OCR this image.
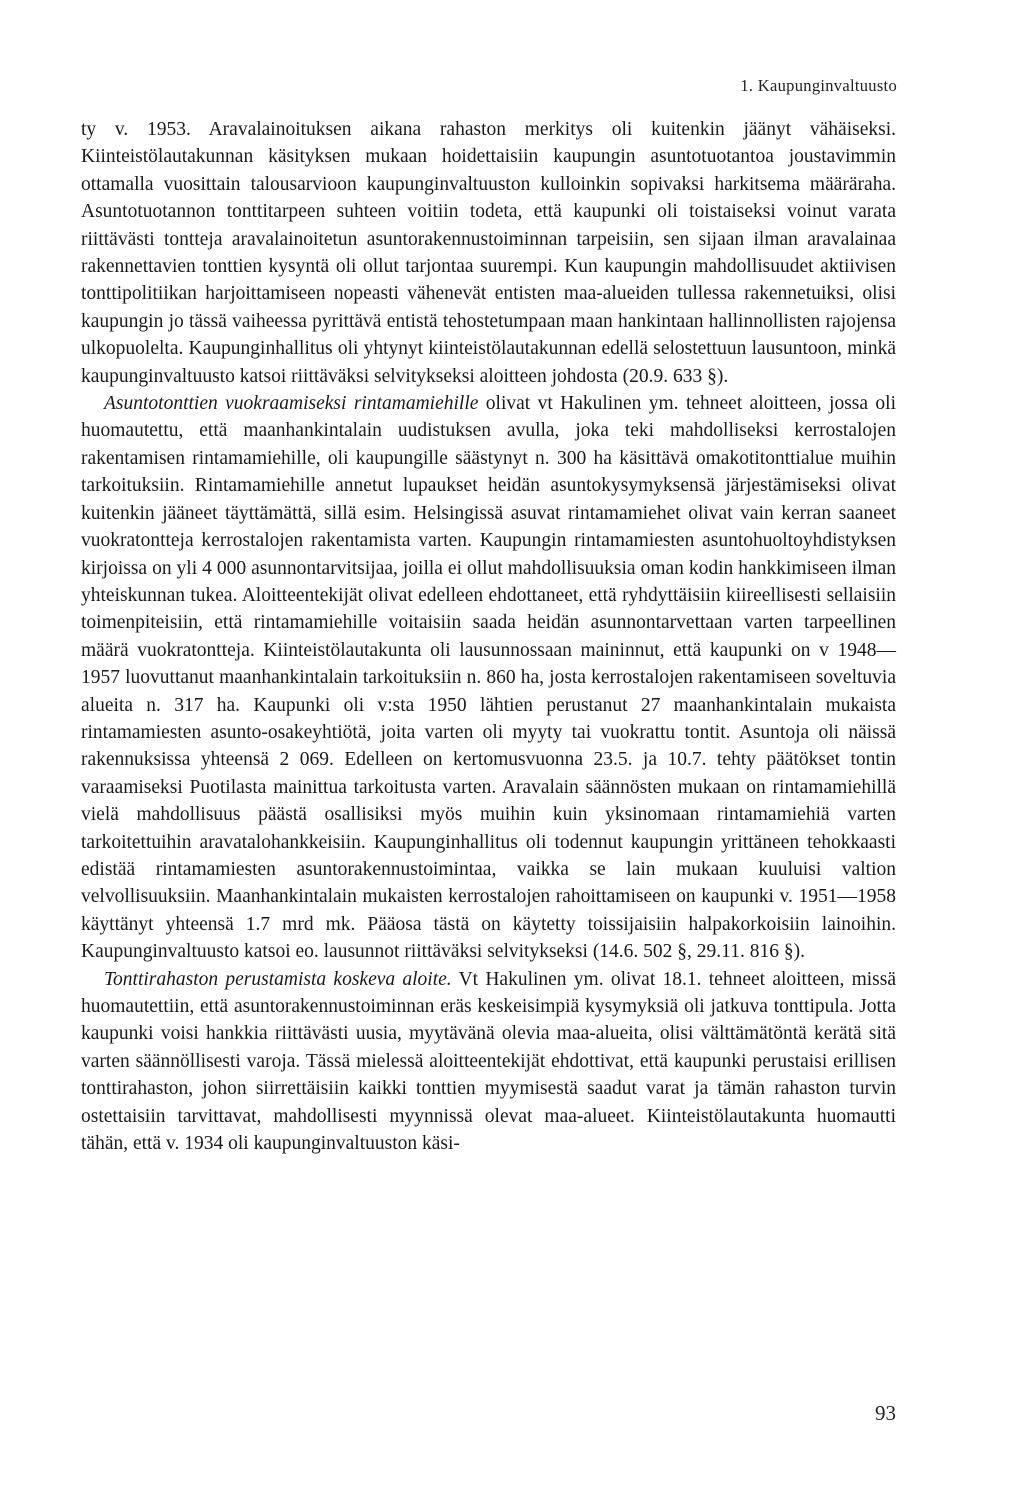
1. Kaupunginvaltuusto

ty v. 1953. Aravalainoituksen aikana rahaston merkitys oli kuitenkin jäänyt vähäiseksi. Kiinteistölautakunnan käsityksen mukaan hoidettaisiin kaupungin asuntotuotantoa joustavimmin ottamalla vuosittain talousarvioon kaupunginvaltuuston kulloinkin sopivaksi harkitsema määräraha. Asuntotuotannon tonttitarpeen suhteen voitiin todeta, että kaupunki oli toistaiseksi voinut varata riittävästi tontteja aravalainoitetun asuntorakennustoiminnan tarpeisiin, sen sijaan ilman aravalainaa rakennettavien tonttien kysyntä oli ollut tarjontaa suurempi. Kun kaupungin mahdollisuudet aktiivisen tonttipolitiikan harjoittamiseen nopeasti vähenevät entisten maa-alueiden tullessa rakennetuiksi, olisi kaupungin jo tässä vaiheessa pyrittävä entistä tehostetumpaan maan hankintaan hallinnollisten rajojensa ulkopuolelta. Kaupunginhallitus oli yhtynyt kiinteistölautakunnan edellä selostettuun lausuntoon, minkä kaupunginvaltuusto katsoi riittäväksi selvitykseksi aloitteen johdosta (20.9. 633 §).

Asuntotonttien vuokraamiseksi rintamamiehille olivat vt Hakulinen ym. tehneet aloitteen, jossa oli huomautettu, että maanhankintalain uudistuksen avulla, joka teki mahdolliseksi kerrostalojen rakentamisen rintamamiehille, oli kaupungille säästynyt n. 300 ha käsittävä omakotitonttialue muihin tarkoituksiin. Rintamamiehille annetut lupaukset heidän asuntokysymyksensä järjestämiseksi olivat kuitenkin jääneet täyttämättä, sillä esim. Helsingissä asuvat rintamamiehet olivat vain kerran saaneet vuokratontteja kerrostalojen rakentamista varten. Kaupungin rintamamiesten asuntohuoltoyhdistyksen kirjoissa on yli 4 000 asunnontarvitsijaa, joilla ei ollut mahdollisuuksia oman kodin hankkimiseen ilman yhteiskunnan tukea. Aloitteentekijät olivat edelleen ehdottaneet, että ryhdyttäisiin kiireellisesti sellaisiin toimenpiteisiin, että rintamamiehille voitaisiin saada heidän asunnontarvettaan varten tarpeellinen määrä vuokratontteja. Kiinteistölautakunta oli lausunnossaan maininnut, että kaupunki on v 1948—1957 luovuttanut maanhankintalain tarkoituksiin n. 860 ha, josta kerrostalojen rakentamiseen soveltuvia alueita n. 317 ha. Kaupunki oli v:sta 1950 lähtien perustanut 27 maanhankintalain mukaista rintamamiesten asunto-osakeyhtiötä, joita varten oli myyty tai vuokrattu tontit. Asuntoja oli näissä rakennuksissa yhteensä 2 069. Edelleen on kertomusvuonna 23.5. ja 10.7. tehty päätökset tontin varaamiseksi Puotilasta mainittua tarkoitusta varten. Aravalain säännösten mukaan on rintamamiehillä vielä mahdollisuus päästä osallisiksi myös muihin kuin yksinomaan rintamamiehiä varten tarkoitettuihin aravatalohankkeisiin. Kaupunginhallitus oli todennut kaupungin yrittäneen tehokkaasti edistää rintamamiesten asuntorakennustoimintaa, vaikka se lain mukaan kuuluisi valtion velvollisuuksiin. Maanhankintalain mukaisten kerrostalojen rahoittamiseen on kaupunki v. 1951—1958 käyttänyt yhteensä 1.7 mrd mk. Pääosa tästä on käytetty toissijaisiin halpakorkoisiin lainoihin. Kaupunginvaltuusto katsoi eo. lausunnot riittäväksi selvitykseksi (14.6. 502 §, 29.11. 816 §).

Tonttirahaston perustamista koskeva aloite. Vt Hakulinen ym. olivat 18.1. tehneet aloitteen, missä huomautettiin, että asuntorakennustoiminnan eräs keskeisimpiä kysymyksiä oli jatkuva tonttipula. Jotta kaupunki voisi hankkia riittävästi uusia, myytävänä olevia maa-alueita, olisi välttämätöntä kerätä sitä varten säännöllisesti varoja. Tässä mielessä aloitteentekijät ehdottivat, että kaupunki perustaisi erillisen tonttirahaston, johon siirrettäisiin kaikki tonttien myymisestä saadut varat ja tämän rahaston turvin ostettaisiin tarvittavat, mahdollisesti myynnissä olevat maa-alueet. Kiinteistölautakunta huomautti tähän, että v. 1934 oli kaupunginvaltuuston käsi-

93
